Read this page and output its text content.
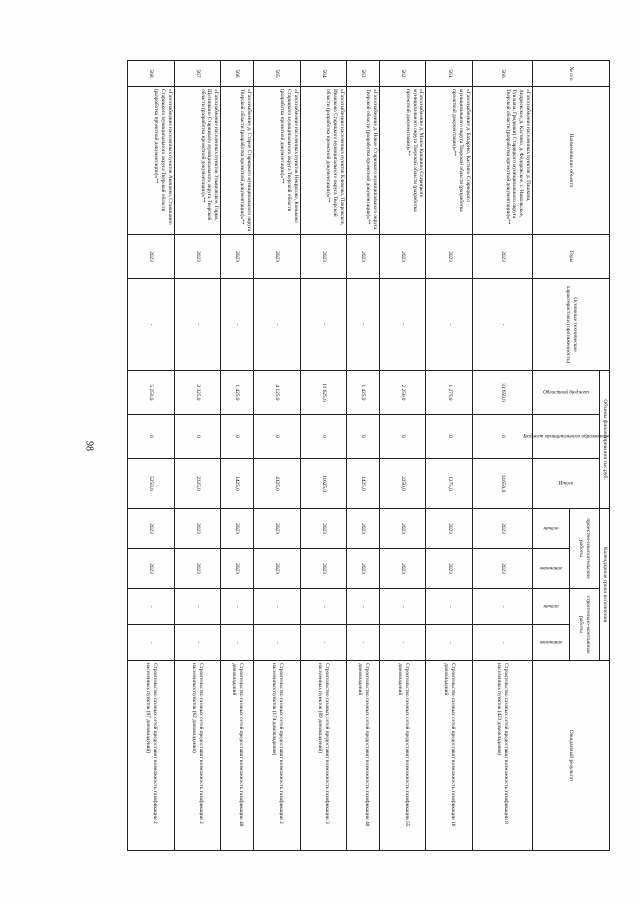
98
№ п/п	Наименование объекта	Годы	Основные технические характеристики (протяженность)	Объемы финансирования тыс.руб.			Календарные сроки исполнения				Ожидаемый результат

				Областной бюджет	Бюджет муниципального образования	Итого	проектно-изыскательские работы		строительно-монтажные работы		

							начало	окончание	начало	окончание	

560	«Газоснабжение населенных пунктов д. Пашкова, Андреевское, д. Кастино, д. Фёдоровское, с. Никольское, Туношна, Гриденки) Старицкого муниципального округа Тверской области (разработка проектной документации)»**	2023	-	31 650,0	0	31650,0	2023	2023	-	-	Строительство газовых сетей предоставит возможность газификации 8 населенных пунктов (423 домовладения)
561	«Газоснабжение д. Бахарево, Кастино Старицкого муниципального округа Тверской области (разработка проектной документации)»**	2023	-	1 275,0	0	1275,0	2023	2023	-	-	Строительство газовых сетей предоставит возможность газификации 16 домовладений
562	«Газоснабжение д. Малое Кишкино Старицкого муниципального округа Тверской области (разработка проектной документации)»**	2023	-	2 250,0	0	2250,0	2023	2023	-	-	Строительство газовых сетей предоставит возможность газификации 55 домовладений
563	«Газоснабжение д. Новое Старицкого муниципального округа Тверской области (разработка проектной документации)»**	2023	-	1 425,0	0	1425,0	2023	2023	-	-	Строительство газовых сетей предоставит возможность газификации 48 домовладений
564	«Газоснабжение населенных пунктов Климово, Покровское, Ивашково Старицкого муниципального округа Тверской области (разработка проектной документации)»**	2023	-	11 625,0	0	11625,0	2023	2023	-	-	Строительство газовых сетей предоставит возможность газификации 3 населенных пунктов (89 домовладений)
565	«Газоснабжение населенных пунктов Некрасово, Коньково Старицкого муниципального округа Тверской области (разработка проектной документации)»**	2023	-	4 125,0	0	4125,0	2023	2023	-	-	Строительство газовых сетей предоставит возможность газификации 2 населенных пунктов (174 домовладения)
566	«Газоснабжение д. Старое Старицкого муниципального округа Тверской области (разработка проектной документации)»**	2023	-	1 425,0	0	1425,0	2023	2023	-	-	Строительство газовых сетей предоставит возможность газификации 48 домовладений
567	«Газоснабжение населенных пунктов Ульяновское, Горки, Щетинкино Старицкого муниципального округа Тверской области (разработка проектной документации)»**	2023	-	2 325,0	0	2325,0	2023	2023	-	-	Строительство газовых сетей предоставит возможность газификации 2 населенных пунктов (62 домовладения)
568	«Газоснабжение населенных пунктов Акишево, Станишино Старицкого муниципального округа Тверской области (разработка проектной документации)»**	2023	-	5 250,0	0	5250,0	2023	2023	-	-	Строительство газовых сетей предоставит возможность газификации 2 населенных пунктов (87 домовладений)
